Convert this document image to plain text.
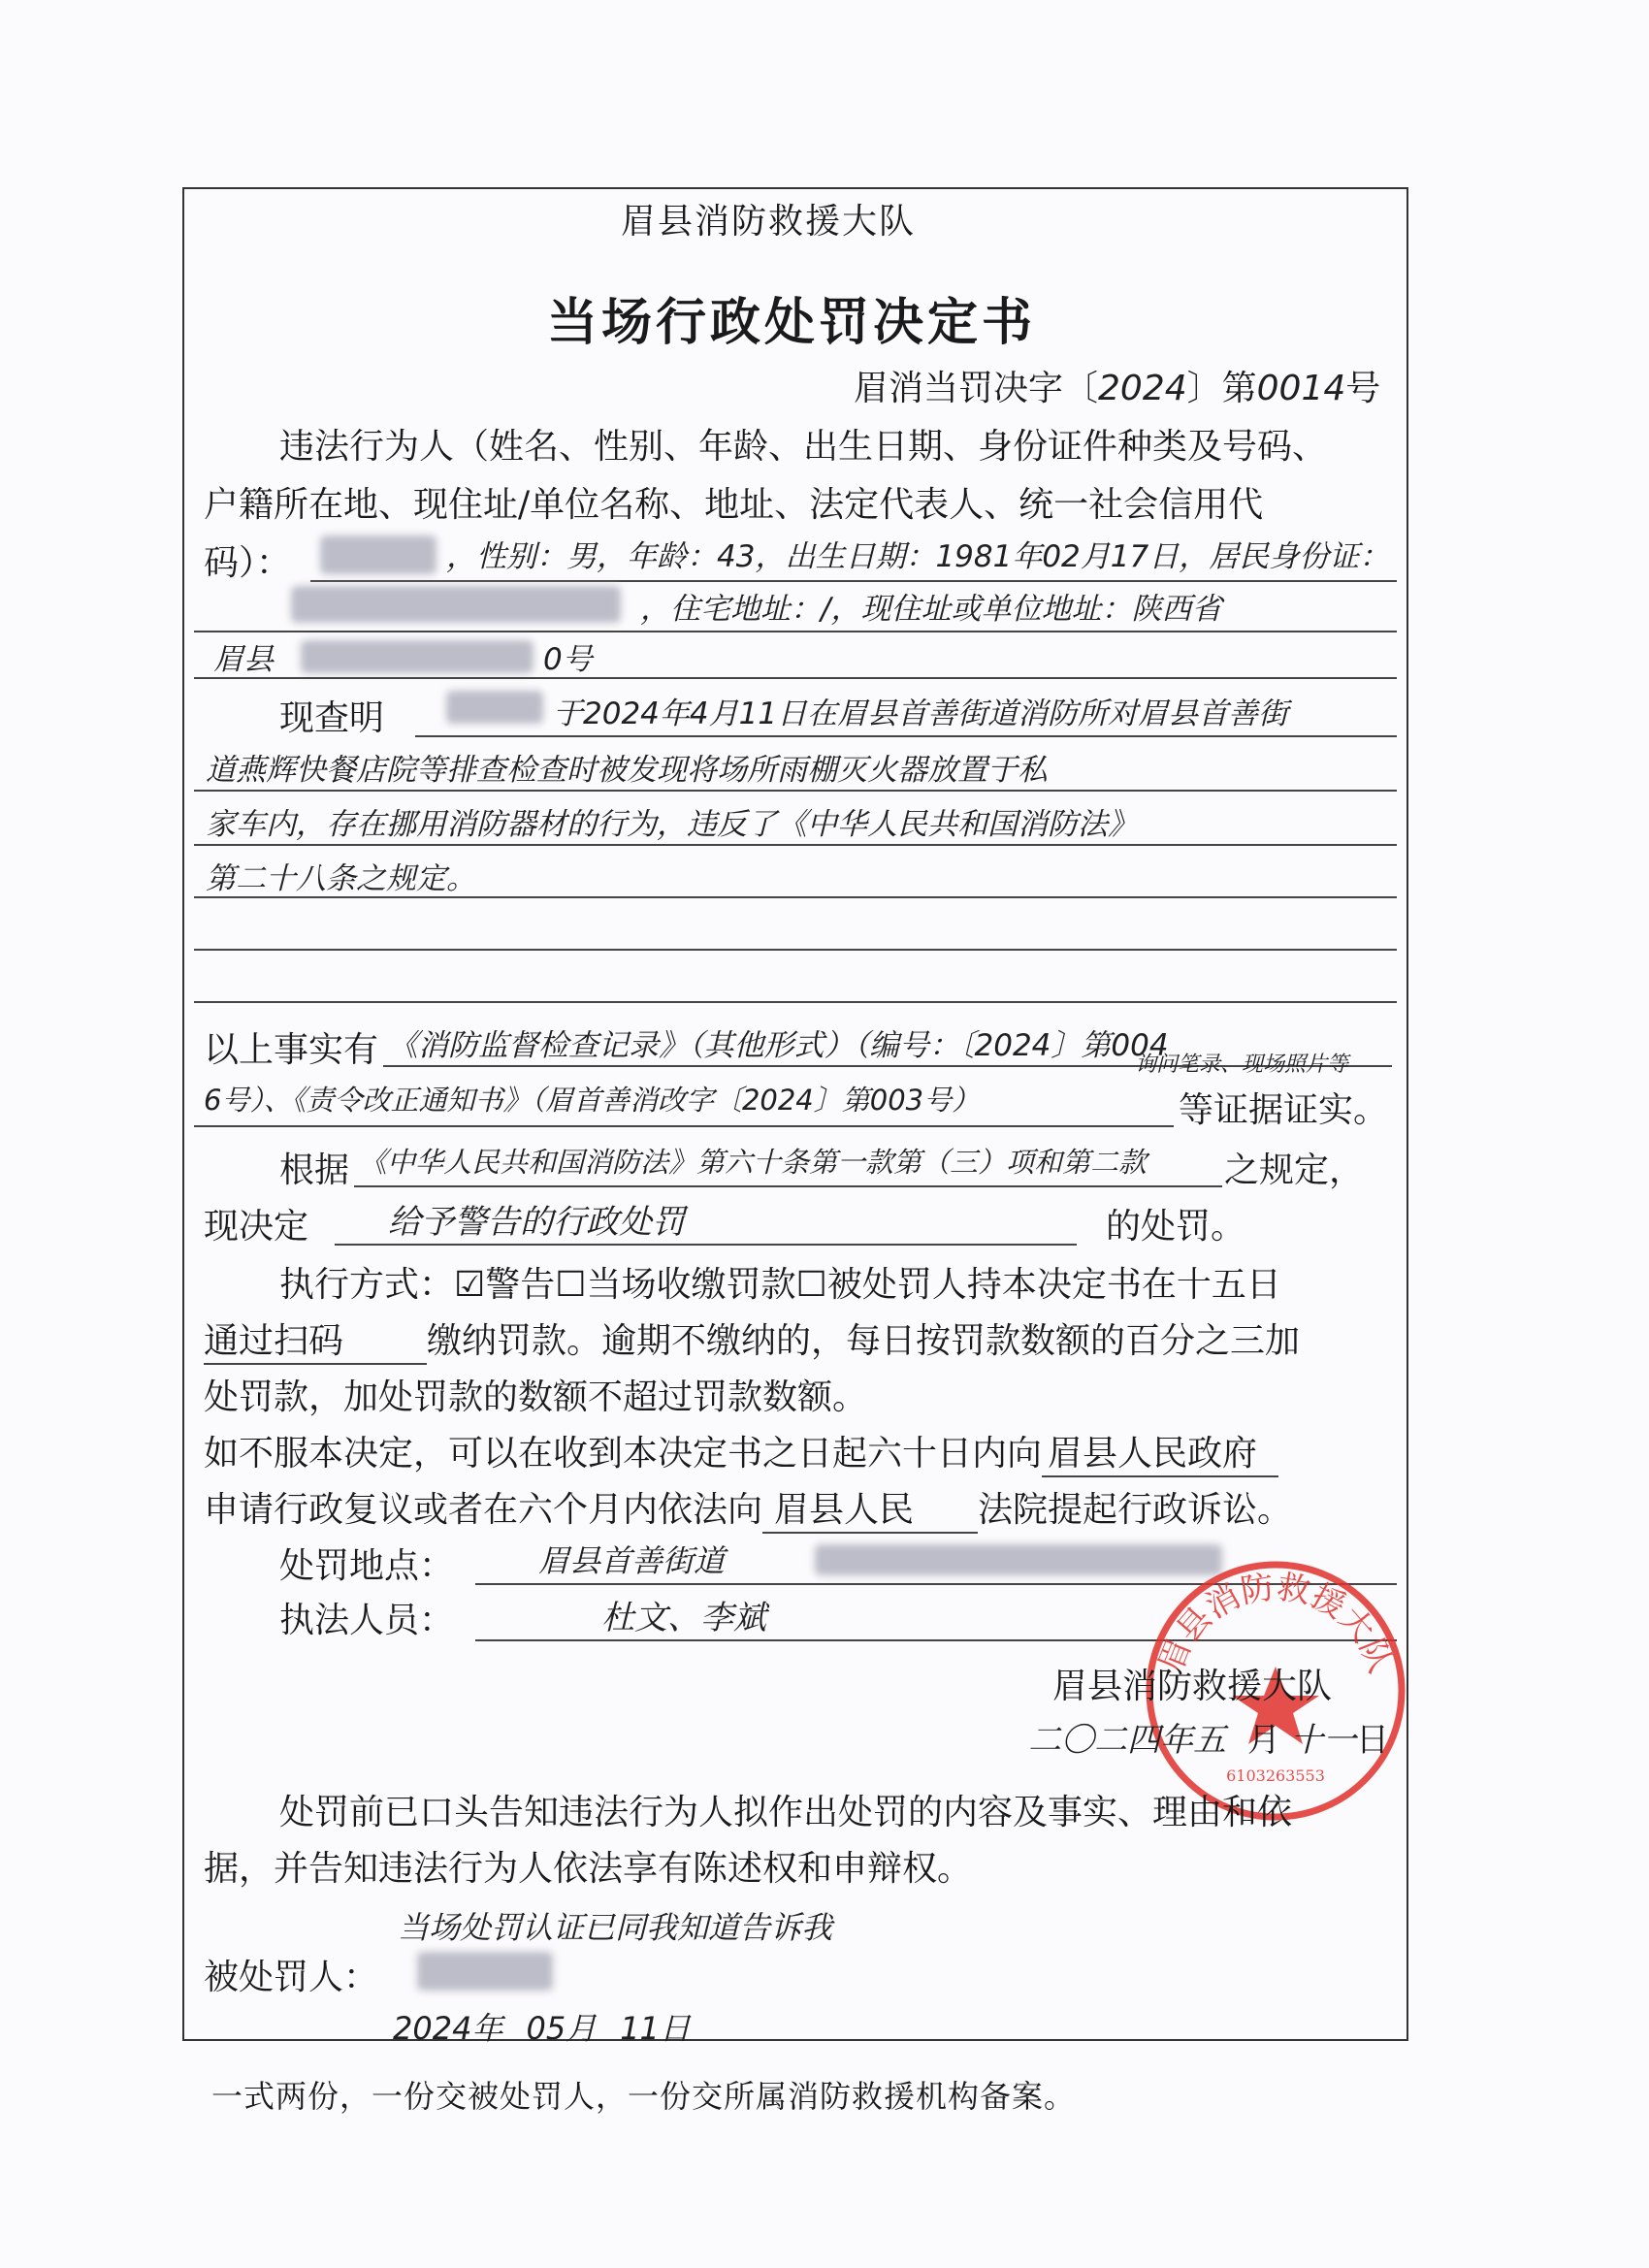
眉县消防救援大队
当场行政处罚决定书
眉消当罚决字〔2024〕第0014号
违法行为人（姓名、性别、年龄、出生日期、身份证件种类及号码、
户籍所在地、现住址/单位名称、地址、法定代表人、统一社会信用代
码）：	，性别：男，年龄：43，出生日期：1981年02月17日，居民身份证：
，住宅地址：/，现住址或单位地址：陕西省
眉县	0号
现查明	于2024年4月11日在眉县首善街道消防所对眉县首善街
道燕辉快餐店院等排查检查时被发现将场所雨棚灭火器放置于私
家车内，存在挪用消防器材的行为，违反了《中华人民共和国消防法》
第二十八条之规定。
以上事实有 《消防监督检查记录》（其他形式）（编号：〔2024〕第004
6号）、《责令改正通知书》（眉首善消改字〔2024〕第003号）
询问笔录、现场照片等
等证据证实。
根据 《中华人民共和国消防法》第六十条第一款第（三）项和第二款 之规定，
现决定 给予警告的行政处罚	的处罚。
执行方式：☑警告☐当场收缴罚款☐被处罚人持本决定书在十五日
通过扫码 缴纳罚款。逾期不缴纳的，每日按罚款数额的百分之三加
处罚款，加处罚款的数额不超过罚款数额。
如不服本决定，可以在收到本决定书之日起六十日内向 眉县人民政府
申请行政复议或者在六个月内依法向 眉县人民 法院提起行政诉讼。
处罚地点：	眉县首善街道
执法人员：	杜文、李斌
眉县消防救援大队
6103263553
眉县消防救援大队
二〇二四年五 月 十一日
处罚前已口头告知违法行为人拟作出处罚的内容及事实、理由和依
据，并告知违法行为人依法享有陈述权和申辩权。
当场处罚认证已同我知道告诉我
被处罚人：
2024年 05月 11日
一式两份，一份交被处罚人，一份交所属消防救援机构备案。
